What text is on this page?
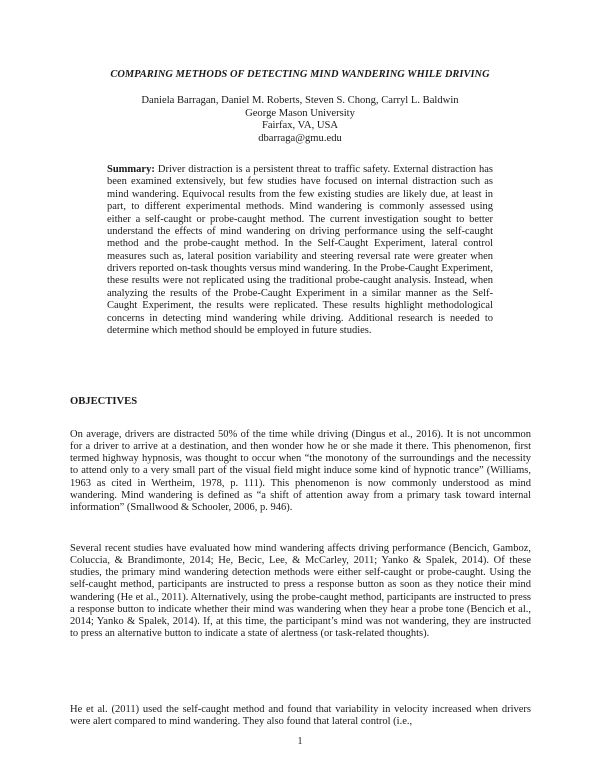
COMPARING METHODS OF DETECTING MIND WANDERING WHILE DRIVING
Daniela Barragan, Daniel M. Roberts, Steven S. Chong, Carryl L. Baldwin
George Mason University
Fairfax, VA, USA
dbarraga@gmu.edu
Summary: Driver distraction is a persistent threat to traffic safety. External distraction has been examined extensively, but few studies have focused on internal distraction such as mind wandering. Equivocal results from the few existing studies are likely due, at least in part, to different experimental methods. Mind wandering is commonly assessed using either a self-caught or probe-caught method. The current investigation sought to better understand the effects of mind wandering on driving performance using the self-caught method and the probe-caught method. In the Self-Caught Experiment, lateral control measures such as, lateral position variability and steering reversal rate were greater when drivers reported on-task thoughts versus mind wandering. In the Probe-Caught Experiment, these results were not replicated using the traditional probe-caught analysis. Instead, when analyzing the results of the Probe-Caught Experiment in a similar manner as the Self-Caught Experiment, the results were replicated. These results highlight methodological concerns in detecting mind wandering while driving. Additional research is needed to determine which method should be employed in future studies.
OBJECTIVES
On average, drivers are distracted 50% of the time while driving (Dingus et al., 2016). It is not uncommon for a driver to arrive at a destination, and then wonder how he or she made it there. This phenomenon, first termed highway hypnosis, was thought to occur when “the monotony of the surroundings and the necessity to attend only to a very small part of the visual field might induce some kind of hypnotic trance” (Williams, 1963 as cited in Wertheim, 1978, p. 111). This phenomenon is now commonly understood as mind wandering. Mind wandering is defined as “a shift of attention away from a primary task toward internal information” (Smallwood & Schooler, 2006, p. 946).
Several recent studies have evaluated how mind wandering affects driving performance (Bencich, Gamboz, Coluccia, & Brandimonte, 2014; He, Becic, Lee, & McCarley, 2011; Yanko & Spalek, 2014). Of these studies, the primary mind wandering detection methods were either self-caught or probe-caught. Using the self-caught method, participants are instructed to press a response button as soon as they notice their mind wandering (He et al., 2011). Alternatively, using the probe-caught method, participants are instructed to press a response button to indicate whether their mind was wandering when they hear a probe tone (Bencich et al., 2014; Yanko & Spalek, 2014). If, at this time, the participant’s mind was not wandering, they are instructed to press an alternative button to indicate a state of alertness (or task-related thoughts).
He et al. (2011) used the self-caught method and found that variability in velocity increased when drivers were alert compared to mind wandering. They also found that lateral control (i.e.,
1
